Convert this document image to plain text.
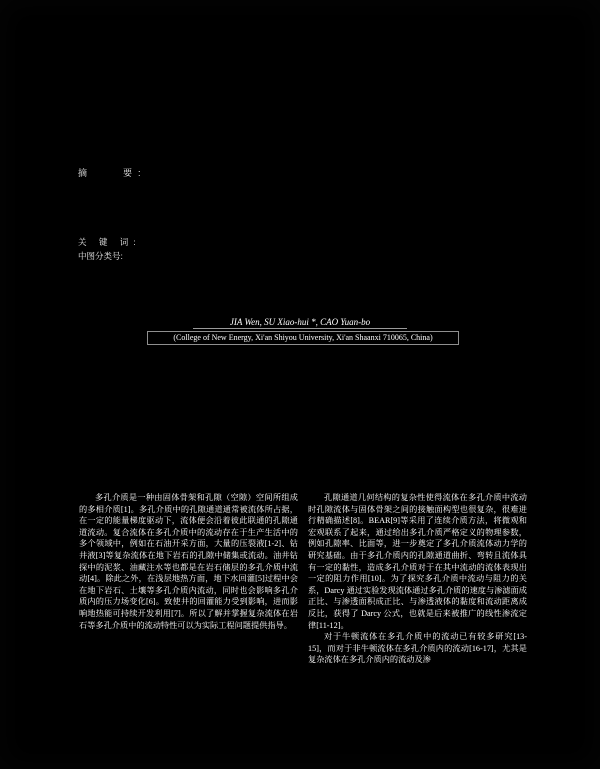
摘　　要:
关 键 词:
中图分类号:
JIA Wen, SU Xiao-hui *, CAO Yuan-bo
(College of New Energy, Xi'an Shiyou University, Xi'an Shaanxi 710065, China)

多孔介质是一种由固体骨架和孔隙（空隙）空间所组成的多相介质[1]。多孔介质中的孔隙通道通常被流体所占据，在一定的能量梯度驱动下，流体便会沿着彼此联通的孔隙通道流动。复合流体在多孔介质中的流动存在于生产生活中的多个领域中，例如在石油开采方面，大量的压裂液[1-2]、钻井液[3]等复杂流体在地下岩石的孔隙中储集或流动。油井钻探中的泥浆、油藏注水等也都是在岩石储层的多孔介质中流动[4]。除此之外，在浅层地热方面，地下水回灌[5]过程中会在地下岩石、土壤等多孔介质内流动，同时也会影响多孔介质内的压力场变化[6]。致使井的回灌能力受到影响，进而影响地热能可持续开发利用[7]。所以了解并掌握复杂流体在岩石等多孔介质中的流动特性可以为实际工程问题提供指导。

孔隙通道几何结构的复杂性使得流体在多孔介质中流动时孔隙流体与固体骨架之间的接触面构型也很复杂，很难进行精确描述[8]。BEAR[9]等采用了连续介质方法，将微观和宏观联系了起来，通过给出多孔介质严格定义的物理参数，例如孔隙率、比面等，进一步奠定了多孔介质流体动力学的研究基础。由于多孔介质内的孔隙通道曲折、弯转且流体具有一定的黏性，造成多孔介质对于在其中流动的流体表现出一定的阻力作用[10]。为了探究多孔介质中流动与阻力的关系，Darcy 通过实验发现流体通过多孔介质的速度与渗滤面成正比、与渗透面积成正比、与渗透液体的黏度和流动距离成反比，获得了 Darcy 公式，也就是后来被推广的线性渗流定律[11-12]。

对于牛顿流体在多孔介质中的流动已有较多研究[13-15]，而对于非牛顿流体在多孔介质内的流动[16-17]，尤其是复杂流体在多孔介质内的流动及渗
